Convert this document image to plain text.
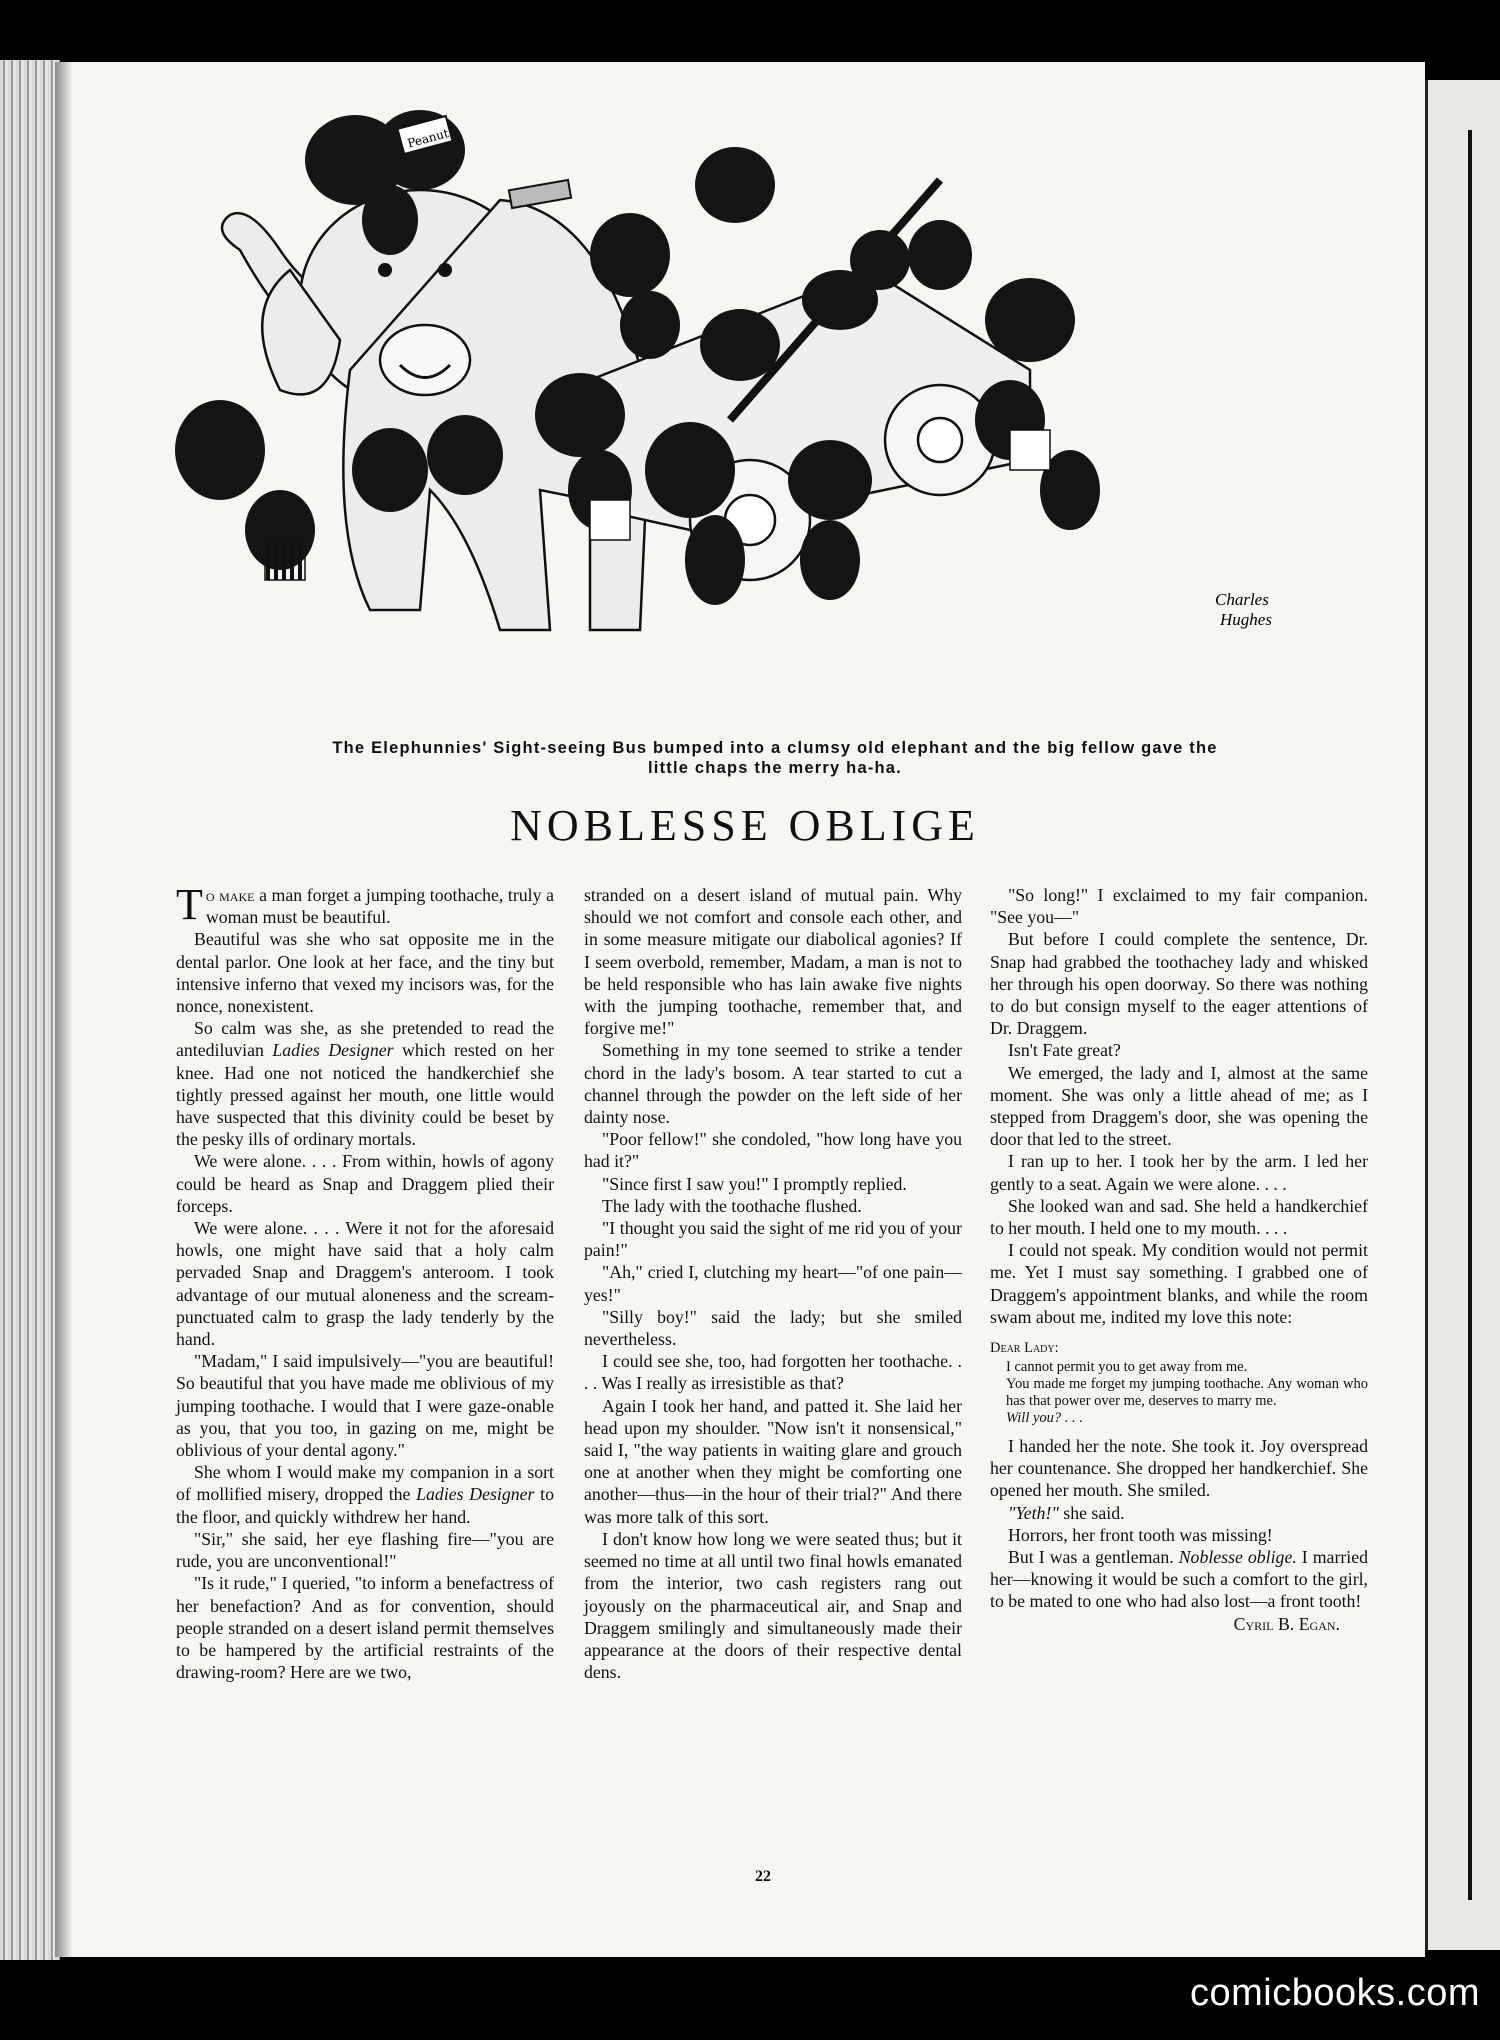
Peanut
Charles
Hughes
The Elephunnies' Sight-seeing Bus bumped into a clumsy old elephant and the big fellow gave the
little chaps the merry ha-ha.
NOBLESSE OBLIGE

To make a man forget a jumping toothache, truly a woman must be beautiful.

Beautiful was she who sat opposite me in the dental parlor. One look at her face, and the tiny but intensive inferno that vexed my incisors was, for the nonce, nonexistent.

So calm was she, as she pretended to read the antediluvian Ladies Designer which rested on her knee. Had one not noticed the handkerchief she tightly pressed against her mouth, one little would have suspected that this divinity could be beset by the pesky ills of ordinary mortals.

We were alone. . . . From within, howls of agony could be heard as Snap and Draggem plied their forceps.

We were alone. . . . Were it not for the aforesaid howls, one might have said that a holy calm pervaded Snap and Draggem's anteroom. I took advantage of our mutual aloneness and the scream-punctuated calm to grasp the lady tenderly by the hand.

"Madam," I said impulsively—"you are beautiful! So beautiful that you have made me oblivious of my jumping toothache. I would that I were gaze-onable as you, that you too, in gazing on me, might be oblivious of your dental agony."

She whom I would make my companion in a sort of mollified misery, dropped the Ladies Designer to the floor, and quickly withdrew her hand.

"Sir," she said, her eye flashing fire—"you are rude, you are unconventional!"

"Is it rude," I queried, "to inform a benefactress of her benefaction? And as for convention, should people stranded on a desert island permit themselves to be hampered by the artificial restraints of the drawing-room? Here are we two,

stranded on a desert island of mutual pain. Why should we not comfort and console each other, and in some measure mitigate our diabolical agonies? If I seem overbold, remember, Madam, a man is not to be held responsible who has lain awake five nights with the jumping toothache, remember that, and forgive me!"

Something in my tone seemed to strike a tender chord in the lady's bosom. A tear started to cut a channel through the powder on the left side of her dainty nose.

"Poor fellow!" she condoled, "how long have you had it?"

"Since first I saw you!" I promptly replied.

The lady with the toothache flushed.

"I thought you said the sight of me rid you of your pain!"

"Ah," cried I, clutching my heart—"of one pain—yes!"

"Silly boy!" said the lady; but she smiled nevertheless.

I could see she, too, had forgotten her toothache. . . . Was I really as irresistible as that?

Again I took her hand, and patted it. She laid her head upon my shoulder. "Now isn't it nonsensical," said I, "the way patients in waiting glare and grouch one at another when they might be comforting one another—thus—in the hour of their trial?" And there was more talk of this sort.

I don't know how long we were seated thus; but it seemed no time at all until two final howls emanated from the interior, two cash registers rang out joyously on the pharmaceutical air, and Snap and Draggem smilingly and simultaneously made their appearance at the doors of their respective dental dens.

"So long!" I exclaimed to my fair companion. "See you—"

But before I could complete the sentence, Dr. Snap had grabbed the toothachey lady and whisked her through his open doorway. So there was nothing to do but consign myself to the eager attentions of Dr. Draggem.

Isn't Fate great?

We emerged, the lady and I, almost at the same moment. She was only a little ahead of me; as I stepped from Draggem's door, she was opening the door that led to the street.

I ran up to her. I took her by the arm. I led her gently to a seat. Again we were alone. . . .

She looked wan and sad. She held a handkerchief to her mouth. I held one to my mouth. . . .

I could not speak. My condition would not permit me. Yet I must say something. I grabbed one of Draggem's appointment blanks, and while the room swam about me, indited my love this note:

Dear Lady:

I cannot permit you to get away from me.

You made me forget my jumping toothache. Any woman who has that power over me, deserves to marry me.

Will you? . . .

I handed her the note. She took it. Joy overspread her countenance. She dropped her handkerchief. She opened her mouth. She smiled.

"Yeth!" she said.

Horrors, her front tooth was missing!

But I was a gentleman. Noblesse oblige. I married her—knowing it would be such a comfort to the girl, to be mated to one who had also lost—a front tooth!

Cyril B. Egan.

22
comicbooks.com
